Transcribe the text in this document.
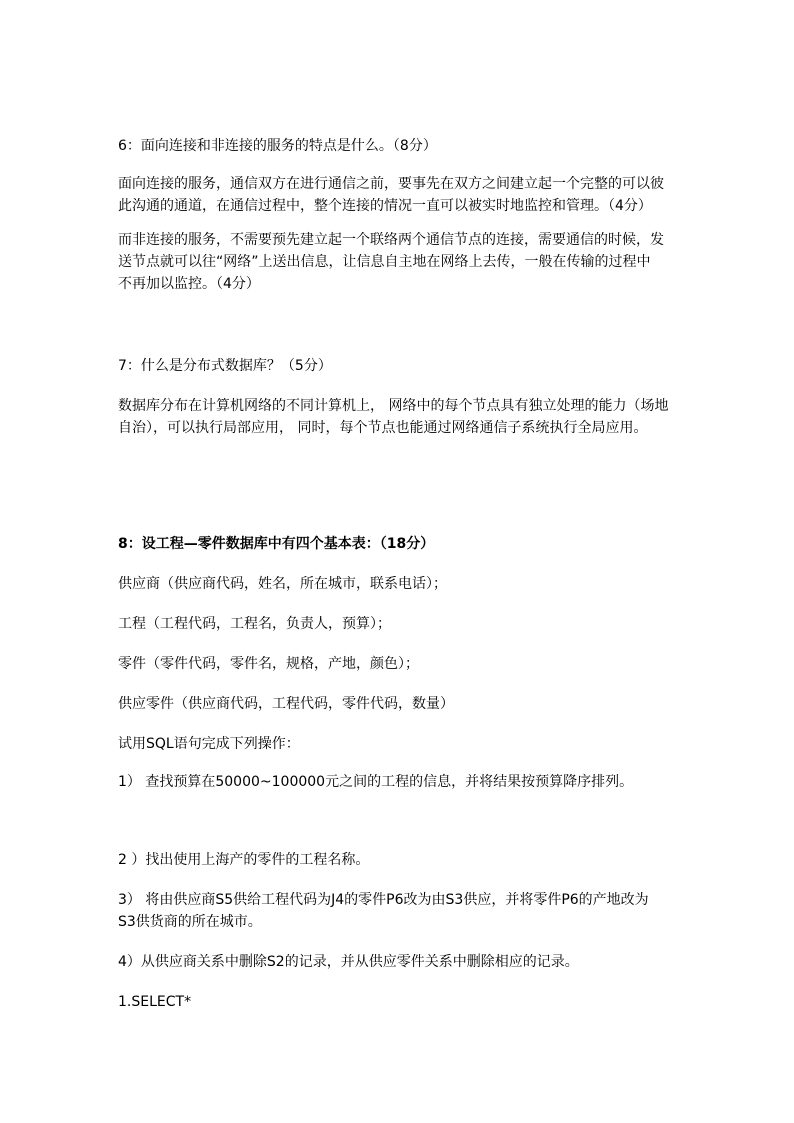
6：面向连接和非连接的服务的特点是什么。（8分）
面向连接的服务，通信双方在进行通信之前，要事先在双方之间建立起一个完整的可以彼
此沟通的通道，在通信过程中，整个连接的情况一直可以被实时地监控和管理。（4分）
而非连接的服务，不需要预先建立起一个联络两个通信节点的连接，需要通信的时候，发
送节点就可以往“网络”上送出信息，让信息自主地在网络上去传，一般在传输的过程中
不再加以监控。（4分）
7：什么是分布式数据库？（5分）
数据库分布在计算机网络的不同计算机上， 网络中的每个节点具有独立处理的能力（场地
自治），可以执行局部应用， 同时，每个节点也能通过网络通信子系统执行全局应用。
8：设工程—零件数据库中有四个基本表：（18分）
供应商（供应商代码，姓名，所在城市，联系电话）；
工程（工程代码，工程名，负责人，预算）；
零件（零件代码，零件名，规格，产地，颜色）；
供应零件（供应商代码，工程代码，零件代码，数量）
试用SQL语句完成下列操作：
1） 查找预算在50000~100000元之间的工程的信息，并将结果按预算降序排列。
2 ）找出使用上海产的零件的工程名称。
3） 将由供应商S5供给工程代码为J4的零件P6改为由S3供应，并将零件P6的产地改为
S3供货商的所在城市。
4）从供应商关系中删除S2的记录，并从供应零件关系中删除相应的记录。
1.SELECT*
